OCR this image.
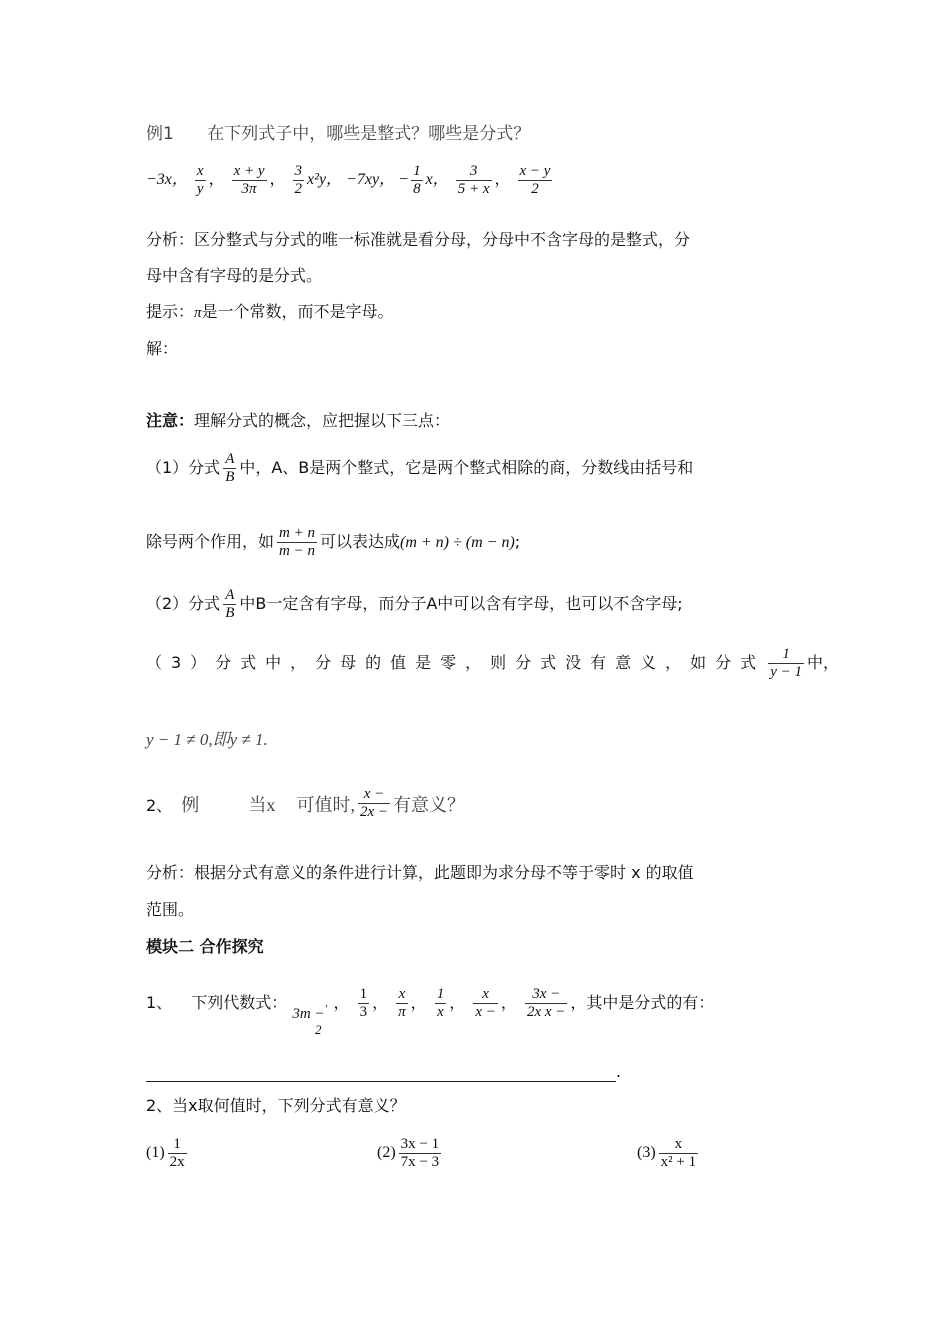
例1 在下列式子中，哪些是整式？哪些是分式？
−3x， $\frac{x}{y}$ ， $\frac{x + y}{3\pi}$ ， $\frac{3}{2} x^2y$， −7xy， − $\frac{1}{8}$ x， $\frac{3}{5 + x}$ ， $\frac{x - y}{2}$
分析：区分整式与分式的唯一标准就是看分母，分母中不含字母的是整式，分
母中含有字母的是分式。
提示：π是一个常数，而不是字母。
解：
注意：理解分式的概念，应把握以下三点：
（1）分式 $\frac{A}{B}$ 中，A、B是两个整式，它是两个整式相除的商，分数线由括号和
除号两个作用，如 $\frac{m + n}{m - n}$ 可以表达成(m + n) ÷ (m − n);
（2）分式 $\frac{A}{B}$ 中B一定含有字母，而分子A中可以含有字母，也可以不含字母;
（3）分式中，分母的值是零，则分式没有意义，如分式 $\frac{1}{y - 1}$ 中，
y − 1 ≠ 0,即y ≠ 1.
2、 例	当x 可值时, $\frac{x -}{2x -}$ 有意义？
分析：根据分式有意义的条件进行计算，此题即为求分母不等于零时 x 的取值
范围。
模块二 合作探究
1、 下列代数式： $3m -'_2$， $\frac{1}{3}$ ， $\frac{x}{\pi}$ ， $\frac{1}{x}$ ， $\frac{x}{x -}$ ， $\frac{3x -}{\text{2x x −}}$ ，其中是分式的有：
.
2、当x取何值时，下列分式有意义？
$(1) \frac{1}{2x}$	$(2) \frac{3x - 1}{7x - 3}$	$(3) \frac{x}{\text{x² + 1}}$
